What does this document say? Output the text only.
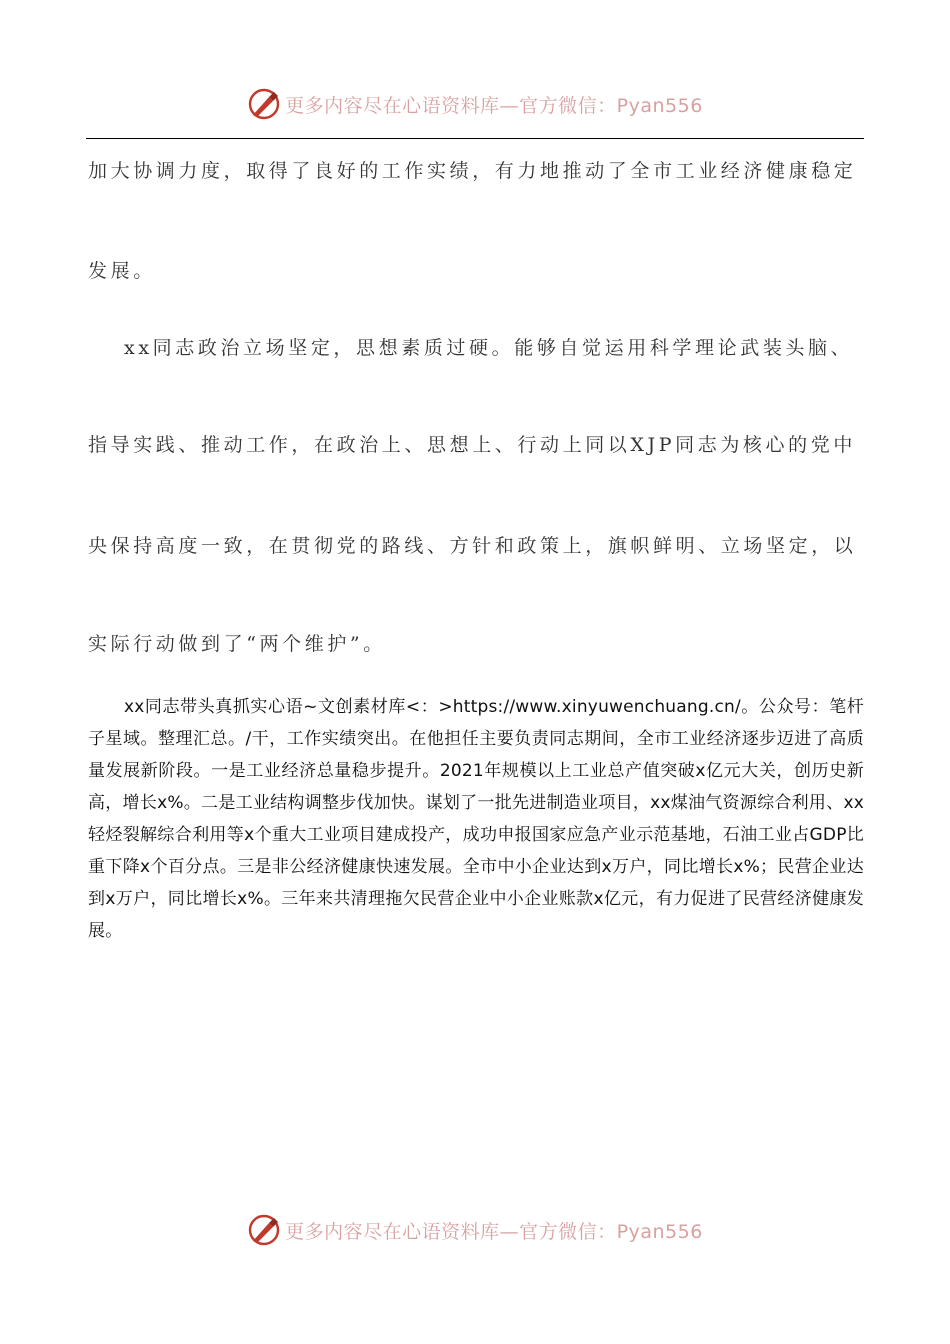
更多内容尽在心语资料库—官方微信：Pyan556
加大协调力度，取得了良好的工作实绩，有力地推动了全市工业经济健康稳定
发展。
xx同志政治立场坚定，思想素质过硬。能够自觉运用科学理论武装头脑、
指导实践、推动工作，在政治上、思想上、行动上同以XJP同志为核心的党中
央保持高度一致，在贯彻党的路线、方针和政策上，旗帜鲜明、立场坚定，以
实际行动做到了“两个维护”。

xx同志带头真抓实心语~文创素材库<：>https://www.xinyuwenchuang.cn/。公众号：笔杆子星域。整理汇总。/干，工作实绩突出。在他担任主要负责同志期间，全市工业经济逐步迈进了高质量发展新阶段。一是工业经济总量稳步提升。2021年规模以上工业总产值突破x亿元大关，创历史新高，增长x%。二是工业结构调整步伐加快。谋划了一批先进制造业项目，xx煤油气资源综合利用、xx轻烃裂解综合利用等x个重大工业项目建成投产，成功申报国家应急产业示范基地，石油工业占GDP比重下降x个百分点。三是非公经济健康快速发展。全市中小企业达到x万户，同比增长x%；民营企业达到x万户，同比增长x%。三年来共清理拖欠民营企业中小企业账款x亿元，有力促进了民营经济健康发展。

更多内容尽在心语资料库—官方微信：Pyan556
